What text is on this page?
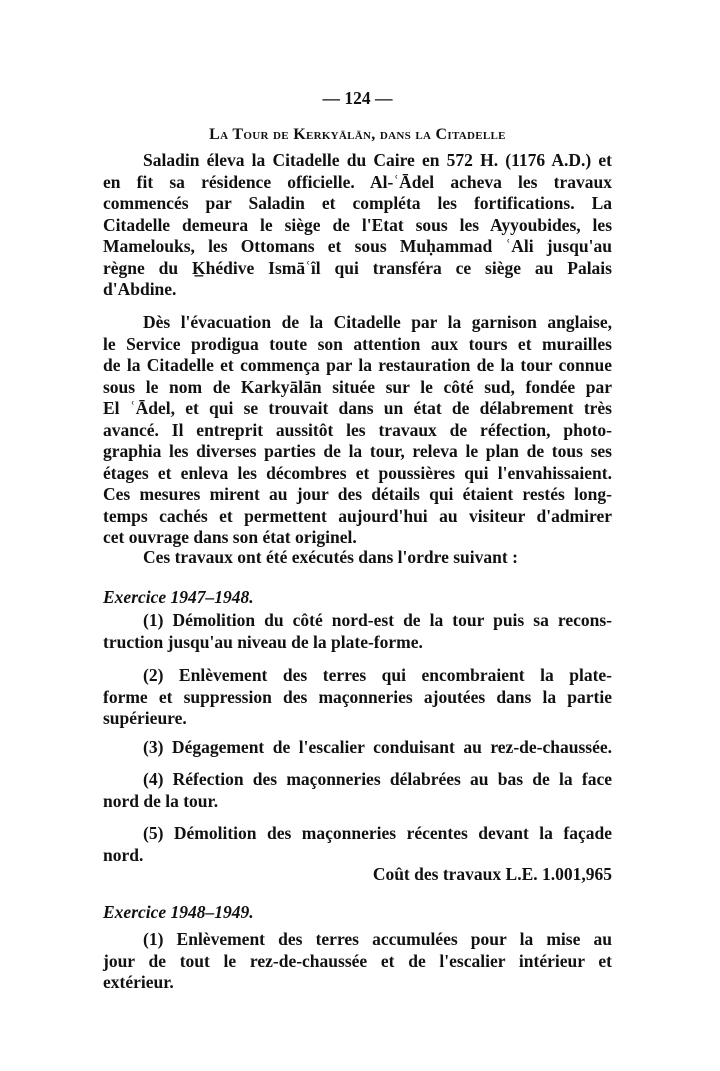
— 124 —
La Tour de Kerkyālān, dans la Citadelle
Saladin éleva la Citadelle du Caire en 572 H. (1176 A.D.) et
en fit sa résidence officielle. Al-ʿĀdel acheva les travaux
commencés par Saladin et compléta les fortifications. La
Citadelle demeura le siège de l'Etat sous les Ayyoubides, les
Mamelouks, les Ottomans et sous Muḥammad ʿAli jusqu'au
règne du K̲hédive Ismāʿîl qui transféra ce siège au Palais
d'Abdine.
Dès l'évacuation de la Citadelle par la garnison anglaise,
le Service prodigua toute son attention aux tours et murailles
de la Citadelle et commença par la restauration de la tour connue
sous le nom de Karkyālān située sur le côté sud, fondée par
El ʿĀdel, et qui se trouvait dans un état de délabrement très
avancé. Il entreprit aussitôt les travaux de réfection, photo-
graphia les diverses parties de la tour, releva le plan de tous ses
étages et enleva les décombres et poussières qui l'envahissaient.
Ces mesures mirent au jour des détails qui étaient restés long-
temps cachés et permettent aujourd'hui au visiteur d'admirer
cet ouvrage dans son état originel.
Ces travaux ont été exécutés dans l'ordre suivant :
Exercice 1947–1948.
(1) Démolition du côté nord-est de la tour puis sa recons-
truction jusqu'au niveau de la plate-forme.
(2) Enlèvement des terres qui encombraient la plate-
forme et suppression des maçonneries ajoutées dans la partie
supérieure.
(3) Dégagement de l'escalier conduisant au rez-de-chaussée.
(4) Réfection des maçonneries délabrées au bas de la face
nord de la tour.
(5) Démolition des maçonneries récentes devant la façade
nord.
Coût des travaux L.E. 1.001,965
Exercice 1948–1949.
(1) Enlèvement des terres accumulées pour la mise au
jour de tout le rez-de-chaussée et de l'escalier intérieur et
extérieur.
